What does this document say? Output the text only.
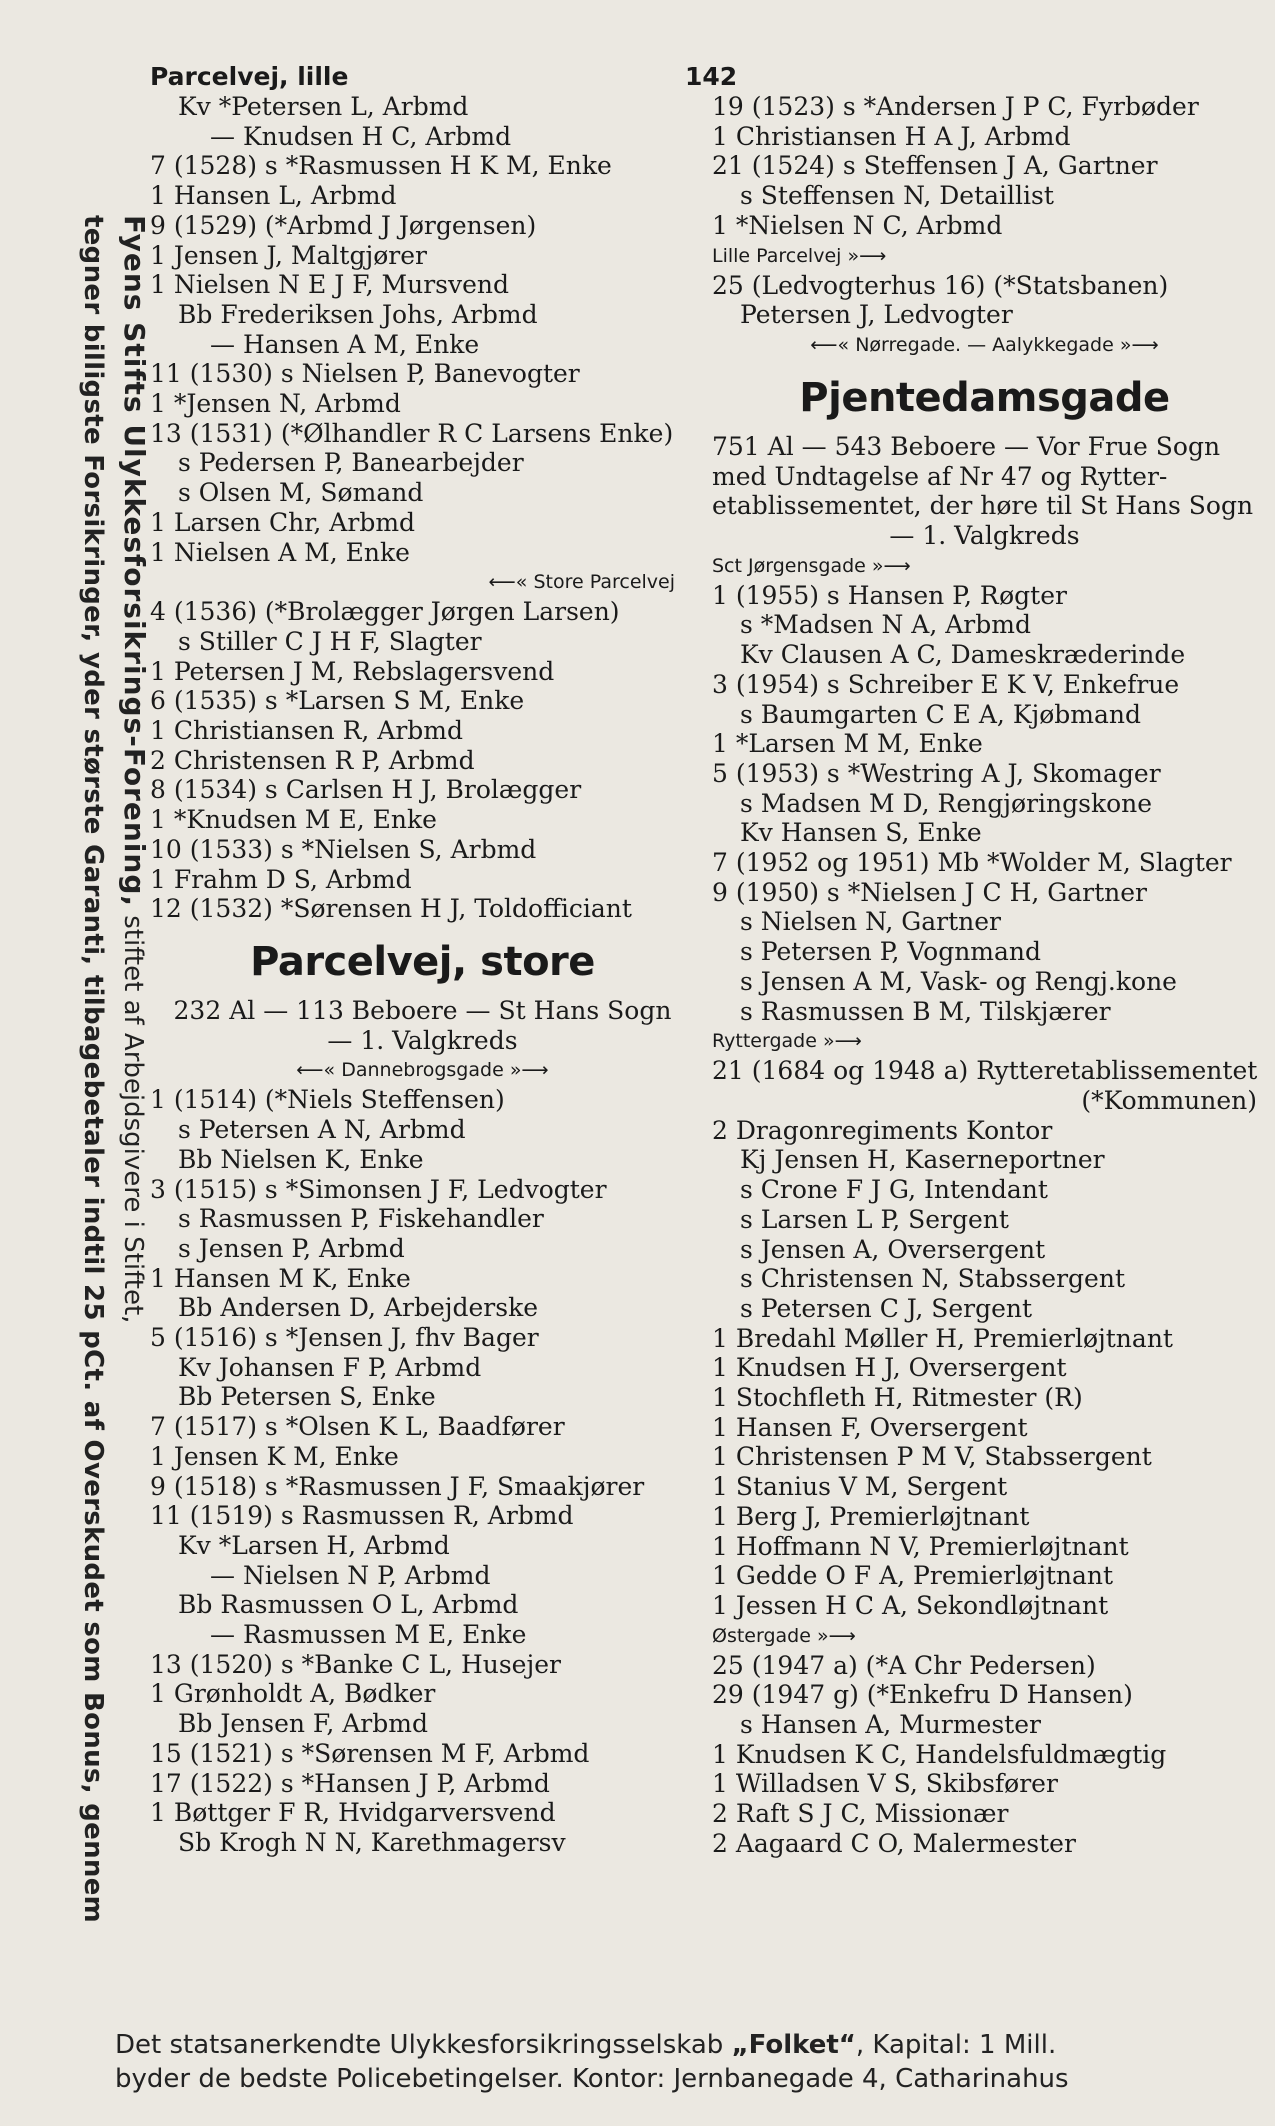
Fyens Stifts Ulykkesforsikrings-Forening, stiftet af Arbejdsgivere i Stiftet,
tegner billigste Forsikringer, yder største Garanti, tilbagebetaler indtil 25 pCt. af Overskudet som Bonus, gennem
Parcelvej, lille	142
Kv *Petersen L, Arbmd
— Knudsen H C, Arbmd
7 (1528) s *Rasmussen H K M, Enke
1 Hansen L, Arbmd
9 (1529) (*Arbmd J Jørgensen)
1 Jensen J, Maltgjører
1 Nielsen N E J F, Mursvend
Bb Frederiksen Johs, Arbmd
— Hansen A M, Enke
11 (1530) s Nielsen P, Banevogter
1 *Jensen N, Arbmd
13 (1531) (*Ølhandler R C Larsens Enke)
s Pedersen P, Banearbejder
s Olsen M, Sømand
1 Larsen Chr, Arbmd
1 Nielsen A M, Enke
⟵« Store Parcelvej
4 (1536) (*Brolægger Jørgen Larsen)
s Stiller C J H F, Slagter
1 Petersen J M, Rebslagersvend
6 (1535) s *Larsen S M, Enke
1 Christiansen R, Arbmd
2 Christensen R P, Arbmd
8 (1534) s Carlsen H J, Brolægger
1 *Knudsen M E, Enke
10 (1533) s *Nielsen S, Arbmd
1 Frahm D S, Arbmd
12 (1532) *Sørensen H J, Toldofficiant
Parcelvej, store
232 Al — 113 Beboere — St Hans Sogn
— 1. Valgkreds
⟵« Dannebrogsgade »⟶
1 (1514) (*Niels Steffensen)
s Petersen A N, Arbmd
Bb Nielsen K, Enke
3 (1515) s *Simonsen J F, Ledvogter
s Rasmussen P, Fiskehandler
s Jensen P, Arbmd
1 Hansen M K, Enke
Bb Andersen D, Arbejderske
5 (1516) s *Jensen J, fhv Bager
Kv Johansen F P, Arbmd
Bb Petersen S, Enke
7 (1517) s *Olsen K L, Baadfører
1 Jensen K M, Enke
9 (1518) s *Rasmussen J F, Smaakjører
11 (1519) s Rasmussen R, Arbmd
Kv *Larsen H, Arbmd
— Nielsen N P, Arbmd
Bb Rasmussen O L, Arbmd
— Rasmussen M E, Enke
13 (1520) s *Banke C L, Husejer
1 Grønholdt A, Bødker
Bb Jensen F, Arbmd
15 (1521) s *Sørensen M F, Arbmd
17 (1522) s *Hansen J P, Arbmd
1 Bøttger F R, Hvidgarversvend
Sb Krogh N N, Karethmagersv
19 (1523) s *Andersen J P C, Fyrbøder
1 Christiansen H A J, Arbmd
21 (1524) s Steffensen J A, Gartner
s Steffensen N, Detaillist
1 *Nielsen N C, Arbmd
Lille Parcelvej »⟶
25 (Ledvogterhus 16) (*Statsbanen)
Petersen J, Ledvogter
⟵« Nørregade. — Aalykkegade »⟶
Pjentedamsgade
751 Al — 543 Beboere — Vor Frue Sogn
med Undtagelse af Nr 47 og Rytter-
etablissementet, der høre til St Hans Sogn
— 1. Valgkreds
Sct Jørgensgade »⟶
1 (1955) s Hansen P, Røgter
s *Madsen N A, Arbmd
Kv Clausen A C, Dameskræderinde
3 (1954) s Schreiber E K V, Enkefrue
s Baumgarten C E A, Kjøbmand
1 *Larsen M M, Enke
5 (1953) s *Westring A J, Skomager
s Madsen M D, Rengjøringskone
Kv Hansen S, Enke
7 (1952 og 1951) Mb *Wolder M, Slagter
9 (1950) s *Nielsen J C H, Gartner
s Nielsen N, Gartner
s Petersen P, Vognmand
s Jensen A M, Vask- og Rengj.kone
s Rasmussen B M, Tilskjærer
Ryttergade »⟶
21 (1684 og 1948 a) Rytteretablissementet
(*Kommunen)
2 Dragonregiments Kontor
Kj Jensen H, Kaserneportner
s Crone F J G, Intendant
s Larsen L P, Sergent
s Jensen A, Oversergent
s Christensen N, Stabssergent
s Petersen C J, Sergent
1 Bredahl Møller H, Premierløjtnant
1 Knudsen H J, Oversergent
1 Stochfleth H, Ritmester (R)
1 Hansen F, Oversergent
1 Christensen P M V, Stabssergent
1 Stanius V M, Sergent
1 Berg J, Premierløjtnant
1 Hoffmann N V, Premierløjtnant
1 Gedde O F A, Premierløjtnant
1 Jessen H C A, Sekondløjtnant
Østergade »⟶
25 (1947 a) (*A Chr Pedersen)
29 (1947 g) (*Enkefru D Hansen)
s Hansen A, Murmester
1 Knudsen K C, Handelsfuldmægtig
1 Willadsen V S, Skibsfører
2 Raft S J C, Missionær
2 Aagaard C O, Malermester
Det statsanerkendte Ulykkesforsikringsselskab „Folket“, Kapital: 1 Mill.
byder de bedste Policebetingelser. Kontor: Jernbanegade 4, Catharinahus
